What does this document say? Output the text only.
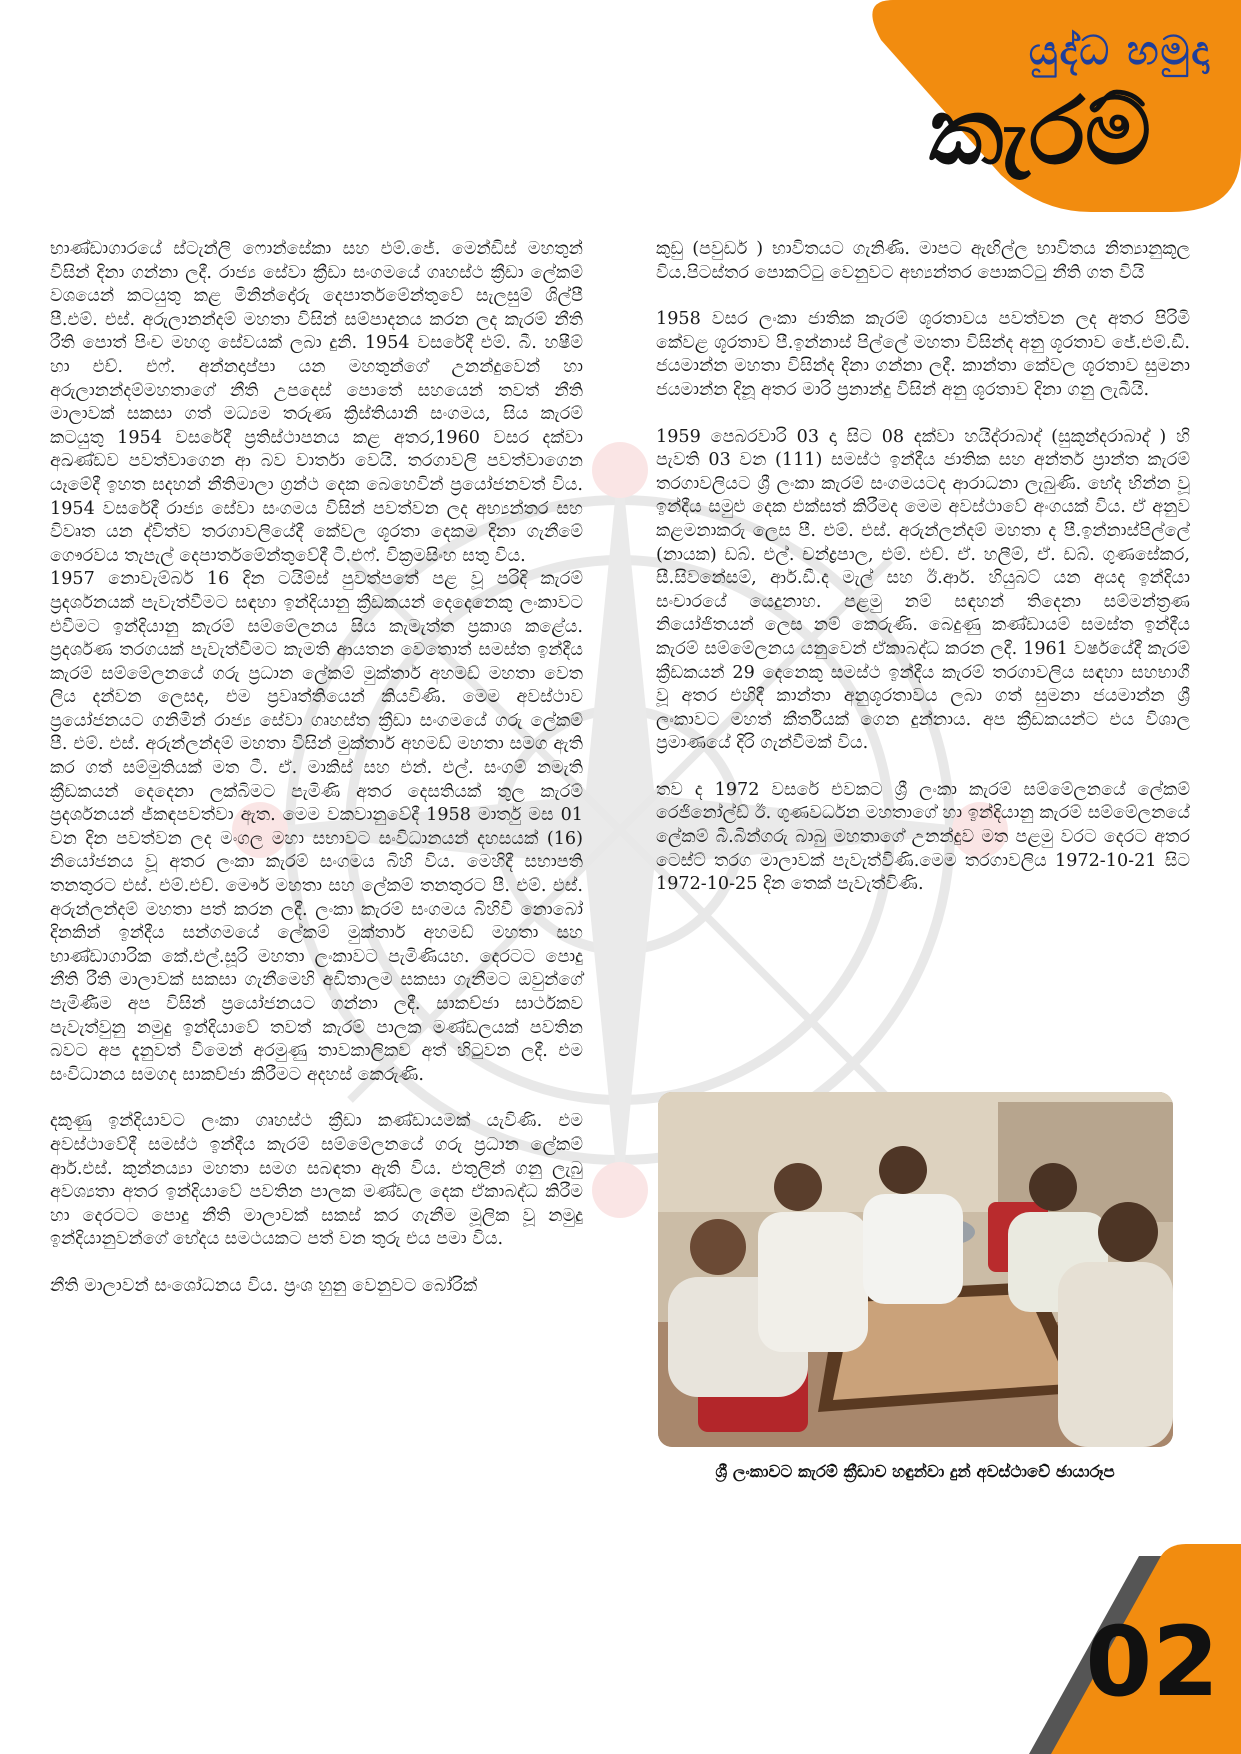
යුද්ධ හමුදා
කැරම්

භාණ්ඩාගාරයේ ස්ටැන්ලි ෆොන්සේකා සහ එම්.ජේ. මෙන්ඩිස් මහතුන් විසින් දිනා ගන්නා ලදී. රාජ්‍ය සේවා ක්‍රීඩා සංගමයේ ගෘහස්ථ ක්‍රීඩා ලේකම් වශයෙන් කටයුතු කළ මිනින්දෝරු දෙපාර්තමේන්තුවේ සැලසුම් ශිල්පී පී.එම්. එස්. අරුලානන්දම් මහතා විසින් සම්පාදනය කරන ලද කැරම් නීති රීති පොත් පිංච මහගු සේවයක් ලබා දුනි. 1954 වසරේදී එම්. බී. හෂීම් හා එච්. එෆ්. අන්නදාප්පා යන මහතුන්ගේ උනන්දුවෙන් හා අරුලානන්දම්මහතාගේ නීති උපදෙස් පොතේ සහයෙන් තවත් නීති මාලාවක් සකසා ගත් මධ්‍යම තරුණ ක්‍රිස්තියානි සංගමය, සිය කැරම් කටයුතු 1954 වසරේදී ප්‍රතිස්ථාපනය කළ අතර,1960 වසර දක්වා අඛණ්ඩව පවත්වාගෙන ආ බව වාර්තා වෙයි. තරගාවලි පවත්වාගෙන යෑමේදී ඉහත සදහන් නීතිමාලා ග්‍රන්ථ දෙක බෙහෙවින් ප්‍රයෝජනවත් විය. 1954 වසරේදී රාජ්‍ය සේවා සංගමය විසින් පවත්වන ලද අභ්‍යන්තර සහ විවෘත යන ද්විත්ව තරගාවලියේදී කේවල ශූරතා දෙකම දිනා ගැනීමේ ගෞරවය තැපැල් දෙපාර්තමේන්තුවේදී ටී.එෆ්. වික්‍රමසිංහ සතු විය.

1957 නොවැම්බර් 16 දින ටයිම්ස් පුවත්පතේ පළ වූ පරිදි කැරම් ප්‍රදර්ශනයක් පැවැත්වීමට සඳහා ඉන්දියානු ක්‍රීඩකයන් දෙදෙනෙකු ලංකාවට එවීමට ඉන්දියානු කැරම් සම්මේලනය සිය කැමැත්ත ප්‍රකාශ කළේය. ප්‍රදර්ශණ තරගයක් පැවැත්වීමට කැමති ආයතන වෙතොත් සමස්ත ඉන්දීය කැරම් සම්මේලනයේ ගරු ප්‍රධාන ලේකම් මුක්තාර් අහමඩ් මහතා වෙත ලිය දන්වන ලෙසද, එම ප්‍රවෘත්තියෙන් කියවිණි. මෙම අවස්ථාව ප්‍රයෝජනයට ගනිමින් රාජ්‍ය සේවා ගෘහස්ත ක්‍රීඩා සංගමයේ ගරු ලේකම් පී. එම්. එස්. අරුන්ලන්දම් මහතා විසින් මුක්තාර් අහමඩ් මහතා සමග ඇති කර ගත් සම්මුතියක් මත ටී. ඒ. මාකිස් සහ එන්. එල්. සංගම් නමැති ක්‍රීඩකයන් දෙදෙනා ලක්බිමට පැමිණි අතර දෙසතියක් තුල කැරම් ප්‍රදර්ශනයන් ජ්කඳපවත්වා ඇත. මෙම වකවානුවේදී 1958 මාර්තු මස 01 වන දින පවත්වන ලද මංගල මහා සභාවට සංවිධානයන් දහසයක් (16) නියෝජනය වූ අතර ලංකා කැරම් සංගමය බිහි විය. මෙහිදී සභාපති තනතුරට එස්. එම්.එච්. මෞර් මහතා සහ ලේකම් තනතුරට පී. එම්. එස්. අරුන්ලන්දම් මහතා පත් කරන ලදී. ලංකා කැරම් සංගමය බිහිවී නොබෝ දිනකින් ඉන්දීය සන්ගමයේ ලේකම් මුක්තාර් අහමඩ් මහතා සහ භාණ්ඩාගාරික කේ.එල්.සූරි මහතා ලංකාවට පැමිණියහ. දෙරටට පොදු නීති රීති මාලාවක් සකසා ගැනීමෙහි අඩිතාලම සකසා ගැනීමට ඔවුන්ගේ පැමිණීම අප විසින් ප්‍රයෝජනයට ගන්නා ලදී. සාකච්ජා සාර්ථකව පැවැත්වුනු නමුදු ඉන්දියාවේ තවත් කැරම් පාලක මණ්ඩලයක් පවතින බවට අප දැනුවත් වීමෙන් අරමුණු තාවකාලිකව අත් හිටුවන ලදී. එම සංවිධානය සමගද සාකච්ජා කිරීමට අදහස් කෙරුණි.

දකුණු ඉන්දියාවට ලංකා ගෘහස්ථ ක්‍රීඩා කණ්ඩායමක් යැවිණි. එම අවස්ථාවේදී සමස්ථ ඉන්දීය කැරම් සම්මේලනයේ ගරු ප්‍රධාන ලේකම් ආර්.එස්. කුන්නය්‍යා මහතා සමග සබඳතා ඇති විය. එතුලින් ගනු ලැබු අවශ්‍යතා අතර ඉන්දියාවේ පවතින පාලක මණ්ඩල දෙක ඒකාබද්ධ කිරීම හා දෙරටට පොදු නීති මාලාවක් සකස් කර ගැනීම මූලික වූ නමුදු ඉන්දියානුවන්ගේ භේදය සමථයකට පත් වන තුරු එය පමා විය.

නීති මාලාවන් සංශෝධනය විය. ප්‍රංශ හුනු වෙනුවට බෝරික්

කුඩු (පවුඩර් ) භාවිතයට ගැනිණි. මාපට ඇඟිල්ල භාවිතය නිත්‍යානුකූල විය.පිටස්තර පොකට්ටු වෙනුවට අභ්‍යන්තර පොකට්ටු නීති ගත වියි

1958 වසර ලංකා ජාතික කැරම් ශූරතාවය පවත්වන ලද අතර පිරිමි කේවළ ශූරතාව පී.ඉන්නාස් පිල්ලේ මහතා විසින්ද අනු ශූරතාව ජේ.එම්.ඩී. ජයමාන්න මහතා විසින්ද දිනා ගන්නා ලදී. කාන්තා කේවල ශූරතාව සුමනා ජයමාන්න දිනූ අතර මාරි ප්‍රනාන්දු විසින් අනු ශූරතාව දිනා ගනු ලැබීයි.

1959 පෙබරවාරි 03 දා සිට 08 දක්වා හයිද්රාබාද් (සුකුන්දරාබාද් ) හි පැවති 03 වන (111) සමස්ථ ඉන්දීය ජාතික සහ අන්තර් ප්‍රාන්ත කැරම් තරගාවලියට ශ්‍රී ලංකා කැරම් සංගමයටද ආරාධනා ලැබුණි. භේද භින්න වූ ඉන්දීය සමුළු දෙක එක්සත් කිරීමද මෙම අවස්ථාවේ අංගයක් විය. ඒ අනුව කළමනාකරු ලෙස පී. එම්. එස්. අරුන්ලන්දම් මහතා ද පී.ඉන්නාස්පිල්ලේ (නායක) ඩබ්. එල්. චන්ද්‍රපාල, එම්. එච්. ඒ. හලීම්, ඒ. ඩබ්. ගුණසේකර, සී.සිවනේසම්, ආර්.ඩී.ද මැල් සහ ඊ.ආර්. හියුබට් යන අයද ඉන්දියා සංචාරයේ යෙදුනාහ. පළමු නම් සඳහන් තිදෙනා සම්මන්ත්‍රණ නියෝජිතයන් ලෙස නම් කෙරුණි. බෙදුණු කණ්ඩායම් සමස්ත ඉන්දීය කැරම් සම්මේලනය යනුවෙන් ඒකාබද්ධ කරන ලදී. 1961 වර්ෂයේදී කැරම් ක්‍රීඩකයන් 29 දෙනෙකු සමස්ථ ඉන්දීය කැරම් තරගාවලිය සඳහා සහභාගී වූ අතර එහිදී කාන්තා අනුශූරතාවය ලබා ගත් සුමනා ජයමාන්න ශ්‍රී ලංකාවට මහත් කීර්තියක් ගෙන දුන්නාය. අප ක්‍රීඩකයන්ට එය විශාල ප්‍රමාණයේ දිරි ගැන්වීමක් විය.

තව ද 1972 වසරේ එවකට ශ්‍රී ලංකා කැරම් සම්මේලනයේ ලේකම් රෙජිනෝල්ඩ් ඊ. ගුණවර්ධන මහතාගේ හා ඉන්දියානු කැරම් සම්මේලනයේ ලේකම් බී.බින්ගරු බාබු මහතාගේ උනන්දුව මත පළමු වරට දෙරට අතර ටෙස්ට් තරග මාලාවක් පැවැත්විණි.මෙම තරගාවලිය 1972-10-21 සිට 1972-10-25 දින තෙක් පැවැත්විණි.

ශ්‍රී ලංකාවට කැරම් ක්‍රීඩාව හඳුන්වා දුන් අවස්ථාවේ ඡායාරූප
02
